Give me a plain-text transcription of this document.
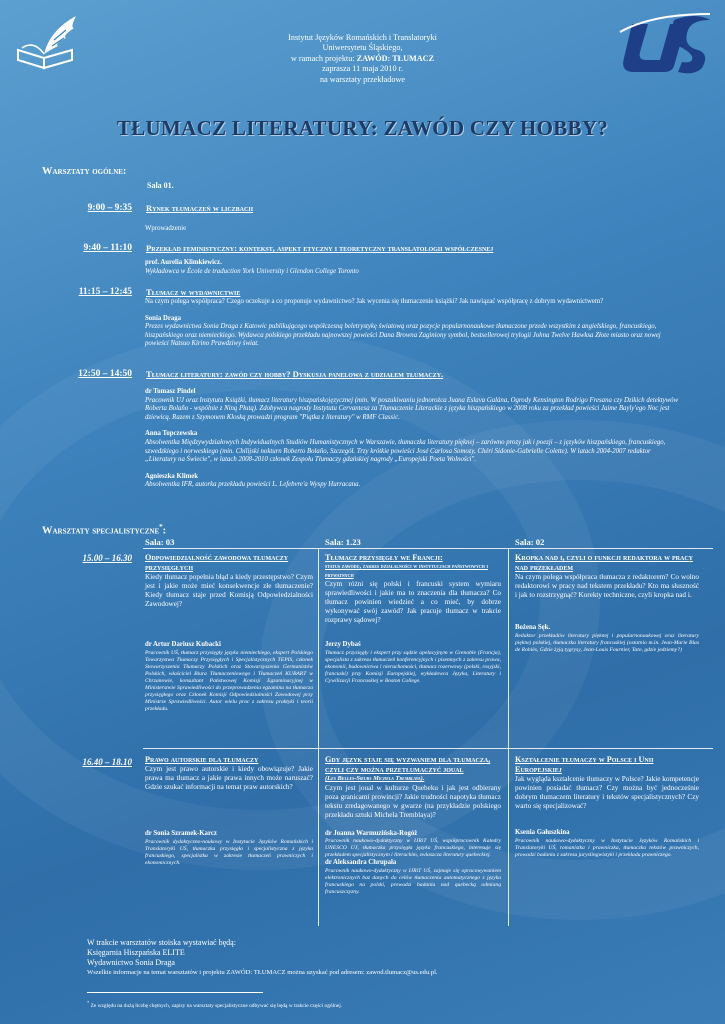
Instytut Języków Romańskich i Translatoryki
Uniwersytetu Śląskiego,
w ramach projektu: ZAWÓD: TŁUMACZ
zaprasza 11 maja 2010 r.
na warsztaty przekładowe
TŁUMACZ LITERATURY: ZAWÓD CZY HOBBY?
Warsztaty ogólne:
Sala 01.
9:00 – 9:35 Rynek tłumaczeń w liczbach
Wprowadzenie
9:40 – 11:10 Przekład feministyczny: kontekst, aspekt etyczny i teoretyczny translatologii współczesnej
prof. Aurelia Klimkiewicz.
Wykładowca w École de traduction York University i Glendon College Toronto
11:15 – 12:45 Tłumacz w wydawnictwie
Na czym polega współpraca? Czego oczekuje a co proponuje wydawnictwo? Jak wycenia się tłumaczenie książki? Jak nawiązać współpracę z dobrym wydawnictwem?
Sonia Draga
Prezes wydawnictwa Sonia Draga z Katowic publikującego współczesną beletrystykę światową oraz pozycje popularnonaukowe tłumaczone przede wszystkim z angielskiego, francuskiego, hiszpańskiego oraz niemieckiego. Wydawca polskiego przekładu najnowszej powieści Dana Browna Zaginiony symbol, bestsellerowej trylogii Johna Twelve Hawksa Złote miasto oraz nowej powieści Natsuo Kirino Prawdziwy świat.
12:50 – 14:50 Tłumacz literatury: zawód czy hobby? Dyskusja panelowa z udziałem tłumaczy.
dr Tomasz Pindel
Pracownik UJ oraz Instytutu Książki, tłumacz literatury hiszpańskojęzycznej (min. W poszukiwaniu jednorożca Juana Eslava Galána, Ogrody Kensington Rodrigo Fresana czy Dzikich detektywów Roberta Bolaño - wspólnie z Niną Płutą). Zdobywca nagrody Instytutu Cervantesa za Tłumaczenie Literackie z języka hiszpańskiego w 2008 roku za przekład powieści Jaime Bayly'ego Noc jest dziewicą. Razem z Szymonem Kloską prowadzi program "Piątka z literatury" w RMF Classic.
Anna Topczewska
Absolwentka Międzywydziałowych Indywidualnych Studiów Humanistycznych w Warszawie, tłumaczka literatury pięknej – zarówno prozy jak i poezji – z języków hiszpańskiego, francuskiego, szwedzkiego i norweskiego (min. Chilijski nokturn Roberto Bolaño, Szczegół. Trzy krótkie powieści José Carlosa Somozy, Chéri Sidonie-Gabrielle Colette). W latach 2004-2007 redaktor „Literatury na Świecie", w latach 2008-2010 członek Zespołu Tłumaczy gdańskiej nagrody „Europejski Poeta Wolności".
Agnieszka Klimek
Absolwentka IFR, autorka przekładu powieści L. Lefebvre'a Wyspy Hurracana.
Warsztaty specjalistyczne*:
Sala: 03	Sala: 1.23	Sala: 02
15.00 – 16.30 Odpowiedzialność zawodowa tłumaczy przysięgłych
Kiedy tłumacz popełnia błąd a kiedy przestępstwo? Czym jest i jakie może mieć konsekwencje złe tłumaczenie? Kiedy tłumacz staje przed Komisją Odpowiedzialności Zawodowej?
dr Artur Dariusz Kubacki
Pracownik UŚ, tłumacz przysięgły języka niemieckiego, ekspert Polskiego Towarzystwa Tłumaczy Przysięgłych i Specjalistycznych TEPIS, członek Stowarzyszenia Tłumaczy Polskich oraz Stowarzyszenia Germanistów Polskich, właściciel Biura Tłumaczeniowego i Tłumaczeń KUBART w Chrzanowie, konsultant Państwowej Komisji Egzaminacyjnej w Ministerstwie Sprawiedliwości do przeprowadzenia egzaminu na tłumacza przysięgłego oraz Członek Komisji Odpowiedzialności Zawodowej przy Ministrze Sprawiedliwości. Autor wielu prac z zakresu praktyki i teorii przekładu.
Tłumacz przysięgły we Francji:
status zawodu, zakres działalności w instytucjach państwowych i prywatnych
Czym różni się polski i francuski system wymiaru sprawiedliwości i jakie ma to znaczenia dla tłumacza? Co tłumacz powinien wiedzieć a co mieć, by dobrze wykonywać swój zawód? Jak pracuje tłumacz w trakcie rozprawy sądowej?
Jerzy Dybaś
Tłumacz przysięgły i ekspert przy sądzie apelacyjnym w Grenoble (Francja), specjalista z zakresu tłumaczeń konferencyjnych i pisemnych z zakresu prawa, ekonomii, budownictwa i nieruchomości, tłumacz rozerwowy (polski, rosyjski, francuski) przy Komisji Europejskiej, wykładowca Języka, Literatury i Cywilizacji Francuskiej w Boston College.
Kropka nad i, czyli o funkcji redaktora w pracy nad przekładem
Na czym polega współpraca tłumacza z redaktorem? Co wolno redaktorowi w pracy nad tekstem przekładu? Kto ma słuszność i jak to rozstrzygnąć? Korekty techniczne, czyli kropka nad i.
Bożena Sęk.
Redaktor przekładów literatury pięknej i popularnonaukowej oraz literatury pięknej polskiej, tłumaczka literatury francuskiej (ostatnio m.in. Jean-Marie Blas de Roblès, Gdzie żyją tygrysy, Jean-Louis Fournier, Tato, gdzie jedziemy?)
16.40 – 18.10 Prawo autorskie dla tłumaczy
Czym jest prawo autorskie i kiedy obowiązuje? Jakie prawa ma tłumacz a jakie prawa innych może naruszać? Gdzie szukać informacji na temat praw autorskich?
dr Sonia Szramek-Karcz
Pracownik dydaktyczno-naukowy w Instytucie Języków Romańskich i Translatoryki UŚ, tłumaczka przysięgła i specjalistyczna z języka francuskiego, specjalistka w zakresie tłumaczeń prawniczych i ekonomicznych.
Gdy język staje się wyzwaniem dla tłumacza, czyli czy można przetłumaczyć joual
(Les Belles-Sœurs Michela Tremblaya).
Czym jest joual w kulturze Quebeku i jak jest odbierany poza granicami prowincji? Jakie trudności napotyka tłumacz tekstu zredagowanego w gwarze (na przykładzie polskiego przekładu sztuki Michela Tremblaya)?
dr Joanna Warmuzińska-Rogóż
Pracownik naukowo-dydaktyczny w IJRiT UŚ, współpracownik Katedry UNESCO UJ, tłumaczka przysięgła języka francuskiego, interesuje się przekładem specjalistycznym i literackim, zwłaszcza literatury quebeckiej.
dr Aleksandra Chrupała
Pracownik naukowo-dydaktyczny w IJRiT UŚ, zajmuje się opracowywaniem elektronicznych baz danych do celów tłumaczenia automatycznego z języka francuskiego na polski, prowadzi badania nad quebecką odmianą francuszczyzny.
Kształcenie tłumaczy w Polsce i Unii Europejskiej
Jak wygląda kształcenie tłumaczy w Polsce? Jakie kompetencje powinien posiadać tłumacz? Czy można być jednocześnie dobrym tłumaczem literatury i tekstów specjalistycznych? Czy warto się specjalizować?
Ksenia Gałuszkina
Pracownik naukowo-dydaktyczny w Instytucie Języków Romańskich i Translatoryki UŚ, romanistka i prawniczka, tłumaczka tekstów prawniczych, prowadzi badania z zakresu juryslingwistyki i przekładu prawniczego.
W trakcie warsztatów stoiska wystawiać będą:
Księgarnia Hiszpańska ELITE
Wydawnictwo Sonia Draga
Wszelkie informacje na temat warsztatów i projektu ZAWÓD: TŁUMACZ można uzyskać pod adresem: zawod.tlumacz@us.edu.pl.
* Ze względu na dużą liczbę chętnych, zapisy na warsztaty specjalistyczne odbywać się będą w trakcie części ogólnej.
